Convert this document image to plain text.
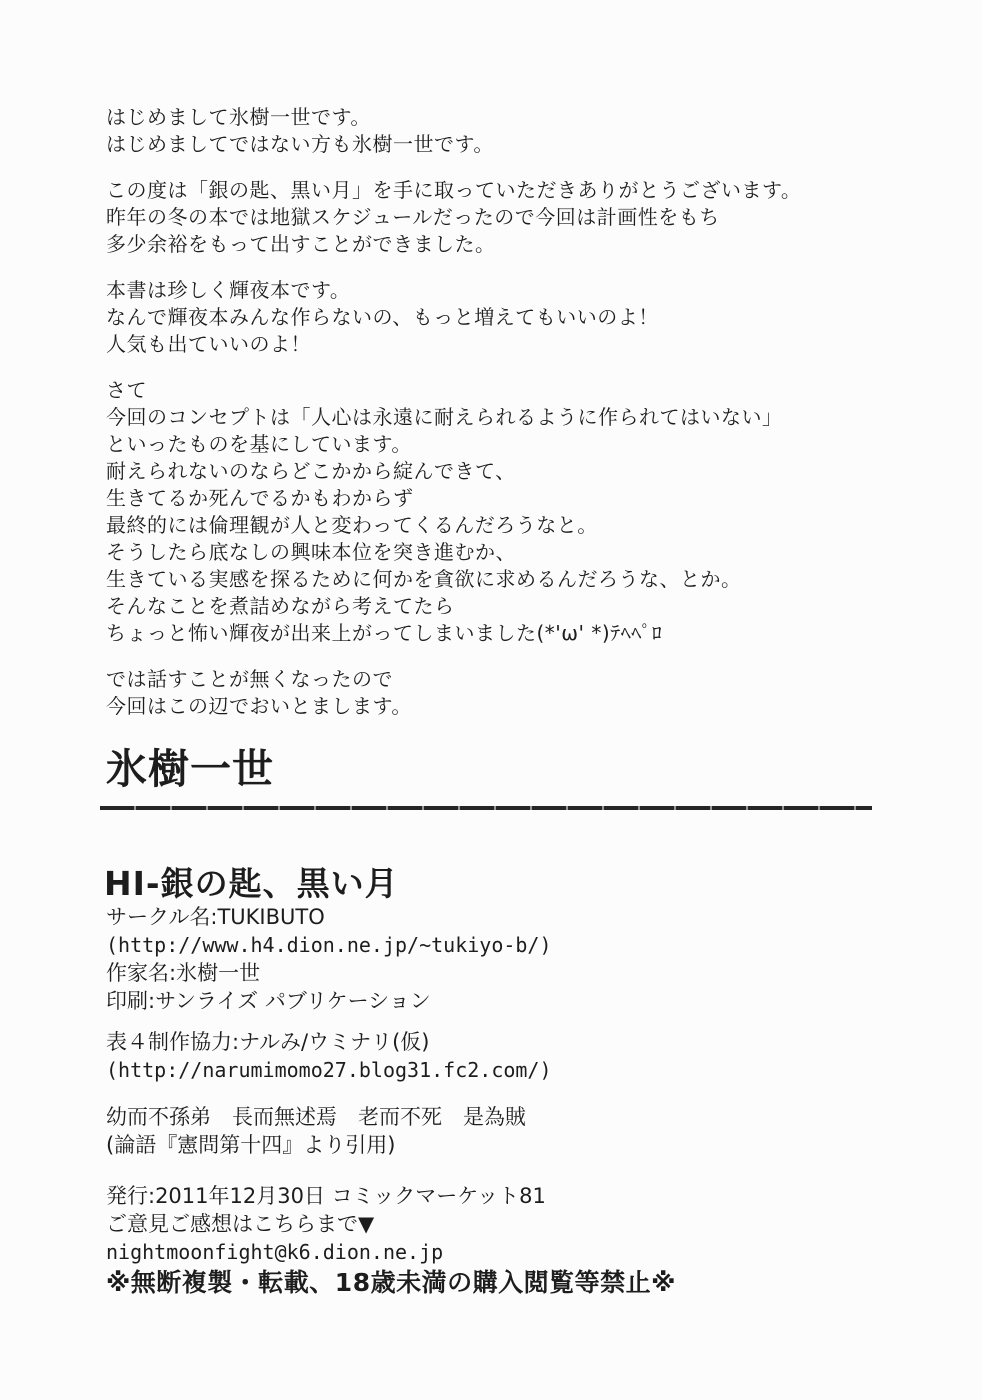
はじめまして氷樹一世です。
はじめましてではない方も氷樹一世です。

この度は「銀の匙、黒い月」を手に取っていただきありがとうございます。
昨年の冬の本では地獄スケジュールだったので今回は計画性をもち
多少余裕をもって出すことができました。

本書は珍しく輝夜本です。
なんで輝夜本みんな作らないの、もっと増えてもいいのよ！
人気も出ていいのよ！

さて
今回のコンセプトは「人心は永遠に耐えられるように作られてはいない」
といったものを基にしています。
耐えられないのならどこかから綻んできて、
生きてるか死んでるかもわからず
最終的には倫理観が人と変わってくるんだろうなと。
そうしたら底なしの興味本位を突き進むか、
生きている実感を探るために何かを貪欲に求めるんだろうな、とか。
そんなことを煮詰めながら考えてたら
ちょっと怖い輝夜が出来上がってしまいました(*'ω' *)ﾃﾍﾍﾟﾛ

では話すことが無くなったので
今回はこの辺でおいとまします。

氷樹一世
HI-銀の匙、黒い月
サークル名:TUKIBUTO
(http://www.h4.dion.ne.jp/~tukiyo-b/)
作家名:氷樹一世
印刷:サンライズ パブリケーション
表４制作協力:ナルみ/ウミナリ(仮)
(http://narumimomo27.blog31.fc2.com/)
幼而不孫弟　長而無述焉　老而不死　是為賊
(論語『憲問第十四』より引用)
発行:2011年12月30日 コミックマーケット81
ご意見ご感想はこちらまで▼
nightmoonfight@k6.dion.ne.jp
※無断複製・転載、18歳未満の購入閲覧等禁止※
